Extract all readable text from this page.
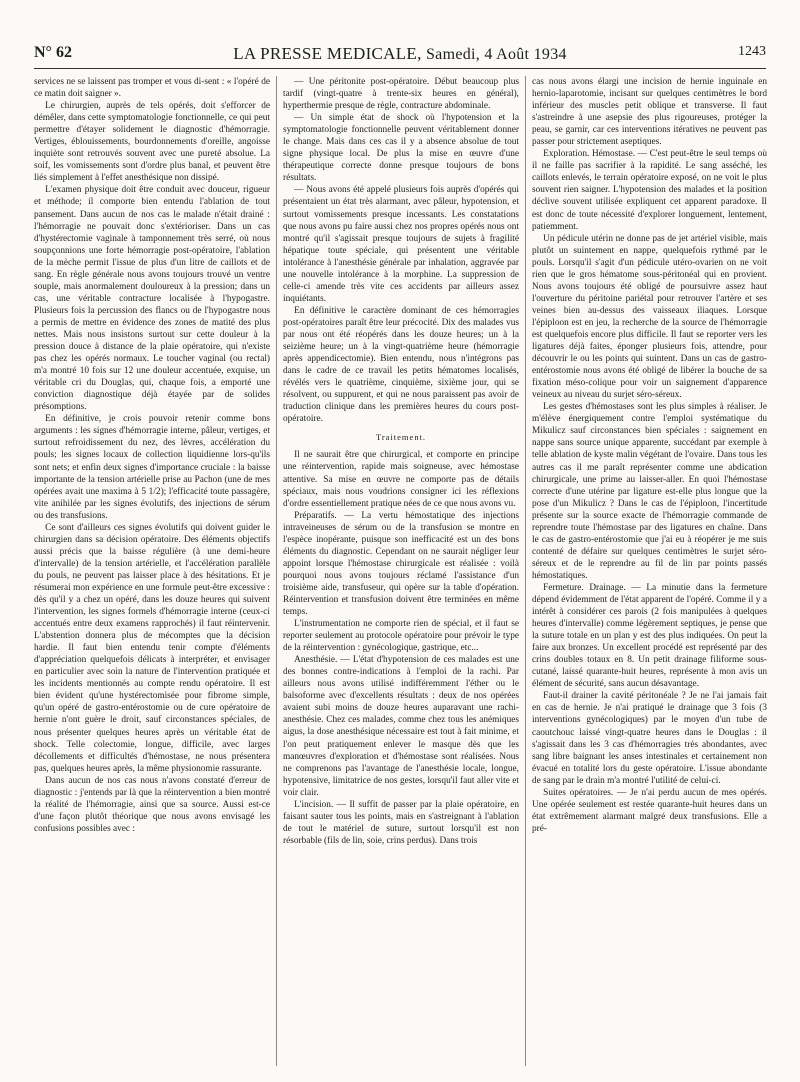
N° 62	LA PRESSE MEDICALE, Samedi, 4 Août 1934	1243

services ne se laissent pas tromper et vous di-sent : « l'opéré de ce matin doit saigner ».

Le chirurgien, auprès de tels opérés, doit s'efforcer de démêler, dans cette symptomatologie fonctionnelle, ce qui peut permettre d'étayer solidement le diagnostic d'hémorragie. Vertiges, éblouissements, bourdonnements d'oreille, angoisse inquiète sont retrouvés souvent avec une pureté absolue. La soif, les vomissements sont d'ordre plus banal, et peuvent être liés simplement à l'effet anesthésique non dissipé.

L'examen physique doit être conduit avec douceur, rigueur et méthode; il comporte bien entendu l'ablation de tout pansement. Dans aucun de nos cas le malade n'était drainé : l'hémorragie ne pouvait donc s'extérioriser. Dans un cas d'hystérectomie vaginale à tamponnement très serré, où nous soupçonnions une forte hémorragie post-opératoire, l'ablation de la mèche permit l'issue de plus d'un litre de caillots et de sang. En règle générale nous avons toujours trouvé un ventre souple, mais anormalement douloureux à la pression; dans un cas, une véritable contracture localisée à l'hypogastre. Plusieurs fois la percussion des flancs ou de l'hypogastre nous a permis de mettre en évidence des zones de matité des plus nettes. Mais nous insistons surtout sur cette douleur à la pression douce à distance de la plaie opératoire, qui n'existe pas chez les opérés normaux. Le toucher vaginal (ou rectal) m'a montré 10 fois sur 12 une douleur accentuée, exquise, un véritable cri du Douglas, qui, chaque fois, a emporté une conviction diagnostique déjà étayée par de solides présomptions.

En définitive, je crois pouvoir retenir comme bons arguments : les signes d'hémorragie interne, pâleur, vertiges, et surtout refroidissement du nez, des lèvres, accélération du pouls; les signes locaux de collection liquidienne lors-qu'ils sont nets; et enfin deux signes d'importance cruciale : la baisse importante de la tension artérielle prise au Pachon (une de mes opérées avait une maxima à 5 1/2); l'efficacité toute passagère, vite anihilée par les signes évolutifs, des injections de sérum ou des transfusions.

Ce sont d'ailleurs ces signes évolutifs qui doivent guider le chirurgien dans sa décision opératoire. Des éléments objectifs aussi précis que la baisse régulière (à une demi-heure d'intervalle) de la tension artérielle, et l'accélération parallèle du pouls, ne peuvent pas laisser place à des hésitations. Et je résumerai mon expérience en une formule peut-être excessive : dès qu'il y a chez un opéré, dans les douze heures qui suivent l'intervention, les signes formels d'hémorragie interne (ceux-ci accentués entre deux examens rapprochés) il faut réintervenir. L'abstention donnera plus de mécomptes que la décision hardie. Il faut bien entendu tenir compte d'éléments d'appréciation quelquefois délicats à interpréter, et envisager en particulier avec soin la nature de l'intervention pratiquée et les incidents mentionnés au compte rendu opératoire. Il est bien évident qu'une hystérectomisée pour fibrome simple, qu'un opéré de gastro-entérostomie ou de cure opératoire de hernie n'ont guère le droit, sauf circonstances spéciales, de nous présenter quelques heures après un véritable état de shock. Telle colectomie, longue, difficile, avec larges décollements et difficultés d'hémostase, ne nous présentera pas, quelques heures après, la même physionomie rassurante.

Dans aucun de nos cas nous n'avons constaté d'erreur de diagnostic : j'entends par là que la réintervention a bien montré la réalité de l'hémorragie, ainsi que sa source. Aussi est-ce d'une façon plutôt théorique que nous avons envisagé les confusions possibles avec :

— Une péritonite post-opératoire. Début beaucoup plus tardif (vingt-quatre à trente-six heures en général), hyperthermie presque de règle, contracture abdominale.

— Un simple état de shock où l'hypotension et la symptomatologie fonctionnelle peuvent véritablement donner le change. Mais dans ces cas il y a absence absolue de tout signe physique local. De plus la mise en œuvre d'une thérapeutique correcte donne presque toujours de bons résultats.

— Nous avons été appelé plusieurs fois auprès d'opérés qui présentaient un état très alarmant, avec pâleur, hypotension, et surtout vomissements presque incessants. Les constatations que nous avons pu faire aussi chez nos propres opérés nous ont montré qu'il s'agissait presque toujours de sujets à fragilité hépatique toute spéciale, qui présentent une véritable intolérance à l'anesthésie générale par inhalation, aggravée par une nouvelle intolérance à la morphine. La suppression de celle-ci amende très vite ces accidents par ailleurs assez inquiétants.

En définitive le caractère dominant de ces hémorragies post-opératoires paraît être leur précocité. Dix des malades vus par nous ont été réopérés dans les douze heures; un à la seizième heure; un à la vingt-quatrième heure (hémorragie après appendicectomie). Bien entendu, nous n'intégrons pas dans le cadre de ce travail les petits hématomes localisés, révélés vers le quatrième, cinquième, sixième jour, qui se résolvent, ou suppurent, et qui ne nous paraissent pas avoir de traduction clinique dans les premières heures du cours post-opératoire.

Traitement.

Il ne saurait être que chirurgical, et comporte en principe une réintervention, rapide mais soigneuse, avec hémostase attentive. Sa mise en œuvre ne comporte pas de détails spéciaux, mais nous voudrions consigner ici les réflexions d'ordre essentiellement pratique nées de ce que nous avons vu.

Préparatifs. — La vertu hémostatique des injections intraveineuses de sérum ou de la transfusion se montre en l'espèce inopérante, puisque son inefficacité est un des bons éléments du diagnostic. Cependant on ne saurait négliger leur appoint lorsque l'hémostase chirurgicale est réalisée : voilà pourquoi nous avons toujours réclamé l'assistance d'un troisième aide, transfuseur, qui opère sur la table d'opération. Réintervention et transfusion doivent être terminées en même temps.

L'instrumentation ne comporte rien de spécial, et il faut se reporter seulement au protocole opératoire pour prévoir le type de la réintervention : gynécologique, gastrique, etc...

Anesthésie. — L'état d'hypotension de ces malades est une des bonnes contre-indications à l'emploi de la rachi. Par ailleurs nous avons utilisé indifféremment l'éther ou le balsoforme avec d'excellents résultats : deux de nos opérées avaient subi moins de douze heures auparavant une rachi-anesthésie. Chez ces malades, comme chez tous les anémiques aigus, la dose anesthésique nécessaire est tout à fait minime, et l'on peut pratiquement enlever le masque dès que les manœuvres d'exploration et d'hémostase sont réalisées. Nous ne comprenons pas l'avantage de l'anesthésie locale, longue, hypotensive, limitatrice de nos gestes, lorsqu'il faut aller vite et voir clair.

L'incision. — Il suffit de passer par la plaie opératoire, en faisant sauter tous les points, mais en s'astreignant à l'ablation de tout le matériel de suture, surtout lorsqu'il est non résorbable (fils de lin, soie, crins perdus). Dans trois

cas nous avons élargi une incision de hernie inguinale en hernio-laparotomie, incisant sur quelques centimètres le bord inférieur des muscles petit oblique et transverse. Il faut s'astreindre à une asepsie des plus rigoureuses, protéger la peau, se garnir, car ces interventions itératives ne peuvent pas passer pour strictement aseptiques.

Exploration. Hémostase. — C'est peut-être le seul temps où il ne faille pas sacrifier à la rapidité. Le sang asséché, les caillots enlevés, le terrain opératoire exposé, on ne voit le plus souvent rien saigner. L'hypotension des malades et la position déclive souvent utilisée expliquent cet apparent paradoxe. Il est donc de toute nécessité d'explorer longuement, lentement, patiemment.

Un pédicule utérin ne donne pas de jet artériel visible, mais plutôt un suintement en nappe, quelquefois rythmé par le pouls. Lorsqu'il s'agit d'un pédicule utéro-ovarien on ne voit rien que le gros hématome sous-péritonéal qui en provient. Nous avons toujours été obligé de poursuivre assez haut l'ouverture du péritoine pariétal pour retrouver l'artère et ses veines bien au-dessus des vaisseaux iliaques. Lorsque l'épiploon est en jeu, la recherche de la source de l'hémorragie est quelquefois encore plus difficile. Il faut se reporter vers les ligatures déjà faites, éponger plusieurs fois, attendre, pour découvrir le ou les points qui suintent. Dans un cas de gastro-entérostomie nous avons été obligé de libérer la bouche de sa fixation méso-colique pour voir un saignement d'apparence veineux au niveau du surjet séro-séreux.

Les gestes d'hémostases sont les plus simples à réaliser. Je m'élève énergiquement contre l'emploi systématique du Mikulicz sauf circonstances bien spéciales : saignement en nappe sans source unique apparente, succédant par exemple à telle ablation de kyste malin végétant de l'ovaire. Dans tous les autres cas il me paraît représenter comme une abdication chirurgicale, une prime au laisser-aller. En quoi l'hémostase correcte d'une utérine par ligature est-elle plus longue que la pose d'un Mikulicz ? Dans le cas de l'épiploon, l'incertitude présente sur la source exacte de l'hémorragie commande de reprendre toute l'hémostase par des ligatures en chaîne. Dans le cas de gastro-entérostomie que j'ai eu à réopérer je me suis contenté de défaire sur quelques centimètres le surjet séro-séreux et de le reprendre au fil de lin par points passés hémostatiques.

Fermeture. Drainage. — La minutie dans la fermeture dépend évidemment de l'état apparent de l'opéré. Comme il y a intérêt à considérer ces parois (2 fois manipulées à quelques heures d'intervalle) comme légèrement septiques, je pense que la suture totale en un plan y est des plus indiquées. On peut la faire aux bronzes. Un excellent procédé est représenté par des crins doubles totaux en 8. Un petit drainage filiforme sous-cutané, laissé quarante-huit heures, représente à mon avis un élément de sécurité, sans aucun désavantage.

Faut-il drainer la cavité péritonéale ? Je ne l'ai jamais fait en cas de hernie. Je n'ai pratiqué le drainage que 3 fois (3 interventions gynécologiques) par le moyen d'un tube de caoutchouc laissé vingt-quatre heures dans le Douglas : il s'agissait dans les 3 cas d'hémorragies très abondantes, avec sang libre baignant les anses intestinales et certainement non évacué en totalité lors du geste opératoire. L'issue abondante de sang par le drain m'a montré l'utilité de celui-ci.

Suites opératoires. — Je n'ai perdu aucun de mes opérés. Une opérée seulement est restée quarante-huit heures dans un état extrêmement alarmant malgré deux transfusions. Elle a pré-
